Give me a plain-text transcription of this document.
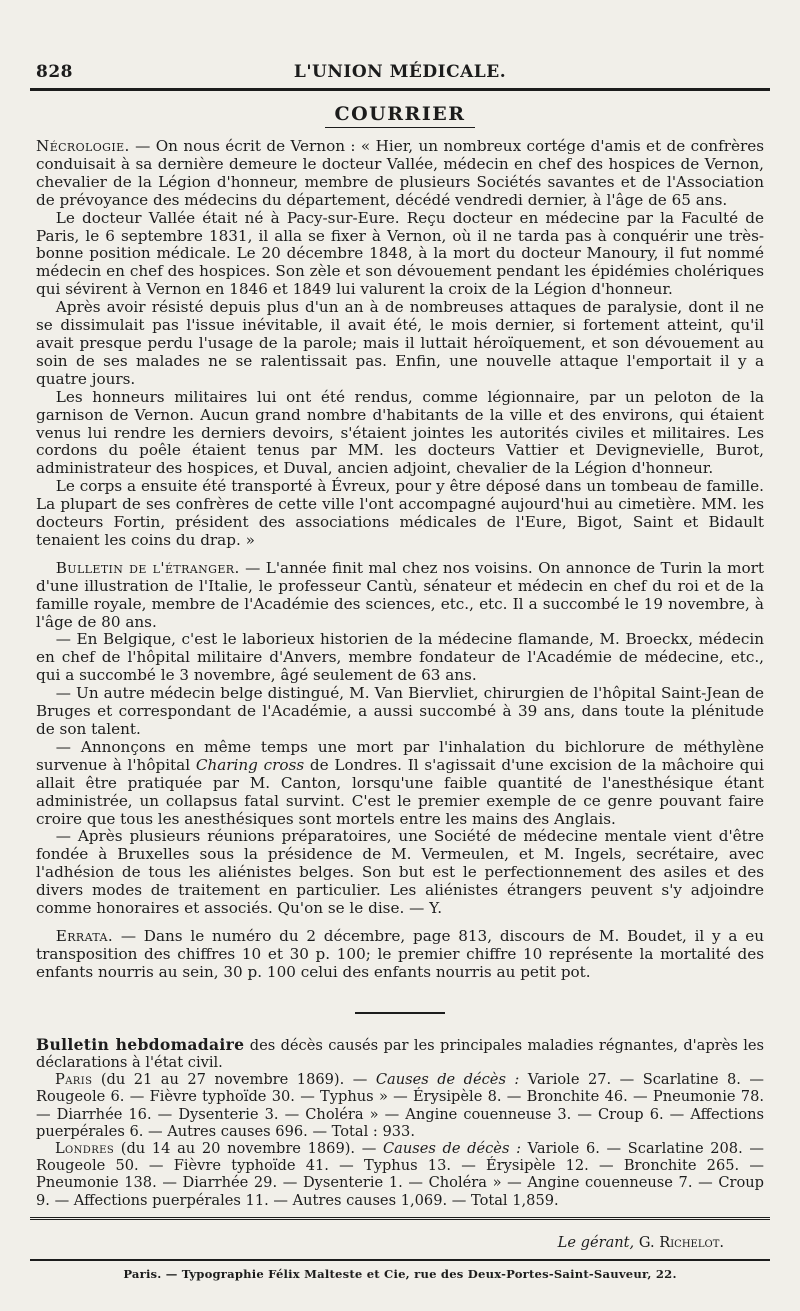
828	L'UNION MÉDICALE.
COURRIER

Nécrologie. — On nous écrit de Vernon : « Hier, un nombreux cortége d'amis et de confrères conduisait à sa dernière demeure le docteur Vallée, médecin en chef des hospices de Vernon, chevalier de la Légion d'honneur, membre de plusieurs Sociétés savantes et de l'Association de prévoyance des médecins du département, décédé vendredi dernier, à l'âge de 65 ans.

Le docteur Vallée était né à Pacy-sur-Eure. Reçu docteur en médecine par la Faculté de Paris, le 6 septembre 1831, il alla se fixer à Vernon, où il ne tarda pas à conquérir une très-bonne position médicale. Le 20 décembre 1848, à la mort du docteur Manoury, il fut nommé médecin en chef des hospices. Son zèle et son dévouement pendant les épidémies cholériques qui sévirent à Vernon en 1846 et 1849 lui valurent la croix de la Légion d'honneur.

Après avoir résisté depuis plus d'un an à de nombreuses attaques de paralysie, dont il ne se dissimulait pas l'issue inévitable, il avait été, le mois dernier, si fortement atteint, qu'il avait presque perdu l'usage de la parole; mais il luttait héroïquement, et son dévouement au soin de ses malades ne se ralentissait pas. Enfin, une nouvelle attaque l'emportait il y a quatre jours.

Les honneurs militaires lui ont été rendus, comme légionnaire, par un peloton de la garnison de Vernon. Aucun grand nombre d'habitants de la ville et des environs, qui étaient venus lui rendre les derniers devoirs, s'étaient jointes les autorités civiles et militaires. Les cordons du poêle étaient tenus par MM. les docteurs Vattier et Devignevielle, Burot, administrateur des hospices, et Duval, ancien adjoint, chevalier de la Légion d'honneur.

Le corps a ensuite été transporté à Évreux, pour y être déposé dans un tombeau de famille. La plupart de ses confrères de cette ville l'ont accompagné aujourd'hui au cimetière. MM. les docteurs Fortin, président des associations médicales de l'Eure, Bigot, Saint et Bidault tenaient les coins du drap. »

Bulletin de l'étranger. — L'année finit mal chez nos voisins. On annonce de Turin la mort d'une illustration de l'Italie, le professeur Cantù, sénateur et médecin en chef du roi et de la famille royale, membre de l'Académie des sciences, etc., etc. Il a succombé le 19 novembre, à l'âge de 80 ans.

— En Belgique, c'est le laborieux historien de la médecine flamande, M. Broeckx, médecin en chef de l'hôpital militaire d'Anvers, membre fondateur de l'Académie de médecine, etc., qui a succombé le 3 novembre, âgé seulement de 63 ans.

— Un autre médecin belge distingué, M. Van Biervliet, chirurgien de l'hôpital Saint-Jean de Bruges et correspondant de l'Académie, a aussi succombé à 39 ans, dans toute la plénitude de son talent.

— Annonçons en même temps une mort par l'inhalation du bichlorure de méthylène survenue à l'hôpital Charing cross de Londres. Il s'agissait d'une excision de la mâchoire qui allait être pratiquée par M. Canton, lorsqu'une faible quantité de l'anesthésique étant administrée, un collapsus fatal survint. C'est le premier exemple de ce genre pouvant faire croire que tous les anesthésiques sont mortels entre les mains des Anglais.

— Après plusieurs réunions préparatoires, une Société de médecine mentale vient d'être fondée à Bruxelles sous la présidence de M. Vermeulen, et M. Ingels, secrétaire, avec l'adhésion de tous les aliénistes belges. Son but est le perfectionnement des asiles et des divers modes de traitement en particulier. Les aliénistes étrangers peuvent s'y adjoindre comme honoraires et associés. Qu'on se le dise. — Y.

Errata. — Dans le numéro du 2 décembre, page 813, discours de M. Boudet, il y a eu transposition des chiffres 10 et 30 p. 100; le premier chiffre 10 représente la mortalité des enfants nourris au sein, 30 p. 100 celui des enfants nourris au petit pot.

Bulletin hebdomadaire des décès causés par les principales maladies régnantes, d'après les déclarations à l'état civil.

Paris (du 21 au 27 novembre 1869). — Causes de décès : Variole 27. — Scarlatine 8. — Rougeole 6. — Fièvre typhoïde 30. — Typhus » — Érysipèle 8. — Bronchite 46. — Pneumonie 78. — Diarrhée 16. — Dysenterie 3. — Choléra » — Angine couenneuse 3. — Croup 6. — Affections puerpérales 6. — Autres causes 696. — Total : 933.

Londres (du 14 au 20 novembre 1869). — Causes de décès : Variole 6. — Scarlatine 208. — Rougeole 50. — Fièvre typhoïde 41. — Typhus 13. — Érysipèle 12. — Bronchite 265. — Pneumonie 138. — Diarrhée 29. — Dysenterie 1. — Choléra » — Angine couenneuse 7. — Croup 9. — Affections puerpérales 11. — Autres causes 1,069. — Total 1,859.

Le gérant, G. Richelot.
Paris. — Typographie Félix Malteste et Cie, rue des Deux-Portes-Saint-Sauveur, 22.
